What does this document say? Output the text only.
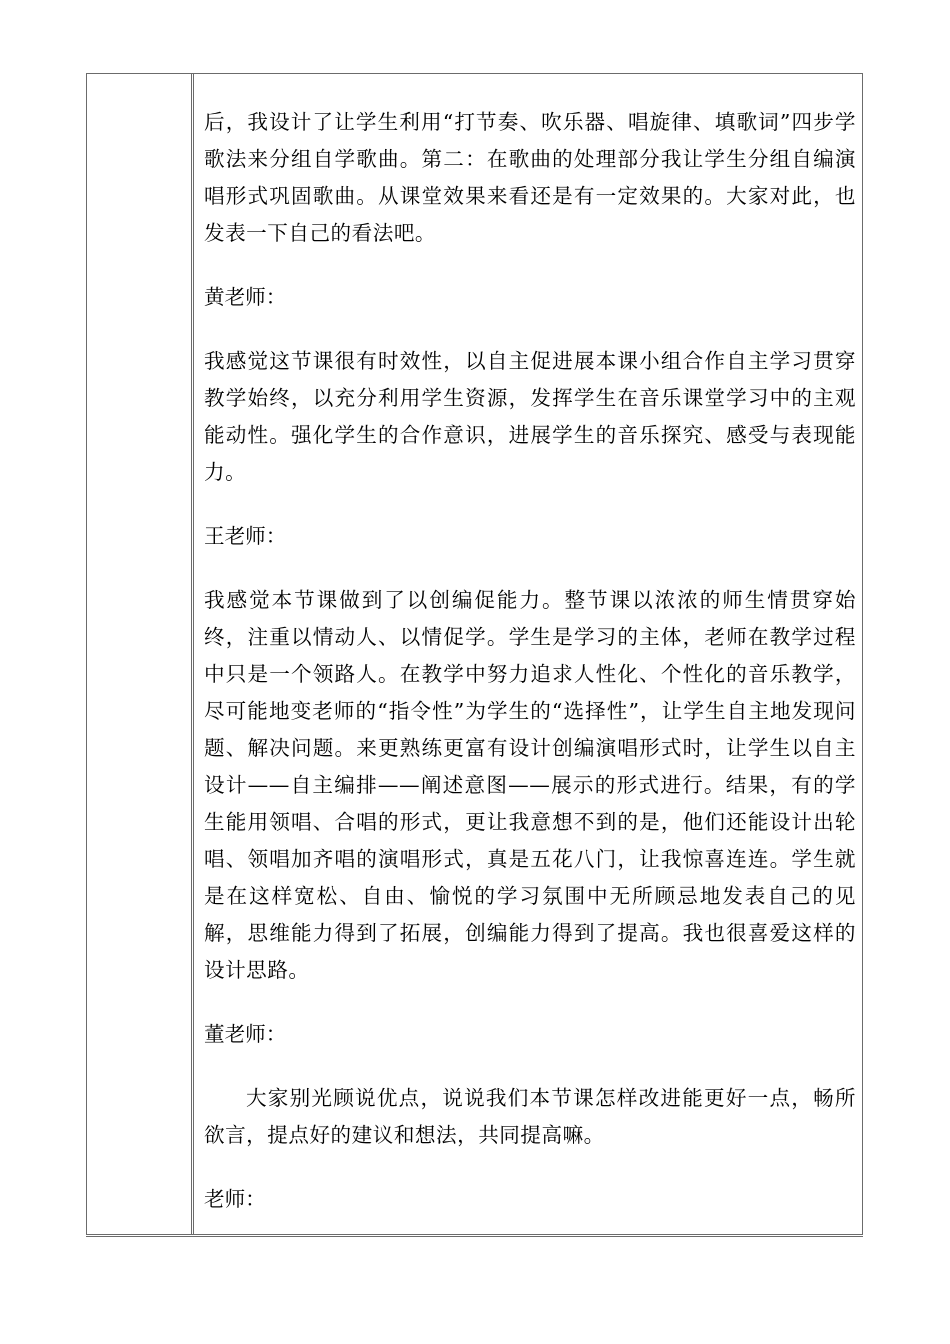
后，我设计了让学生利用“打节奏、吹乐器、唱旋律、填歌词”四步学歌法来分组自学歌曲。第二：在歌曲的处理部分我让学生分组自编演唱形式巩固歌曲。从课堂效果来看还是有一定效果的。大家对此，也发表一下自己的看法吧。

黄老师：

我感觉这节课很有时效性，以自主促进展本课小组合作自主学习贯穿教学始终，以充分利用学生资源，发挥学生在音乐课堂学习中的主观能动性。强化学生的合作意识，进展学生的音乐探究、感受与表现能力。

王老师：

我感觉本节课做到了以创编促能力。整节课以浓浓的师生情贯穿始终，注重以情动人、以情促学。学生是学习的主体，老师在教学过程中只是一个领路人。在教学中努力追求人性化、个性化的音乐教学，尽可能地变老师的“指令性”为学生的“选择性”，让学生自主地发现问题、解决问题。来更熟练更富有设计创编演唱形式时，让学生以自主设计——自主编排——阐述意图——展示的形式进行。结果，有的学生能用领唱、合唱的形式，更让我意想不到的是，他们还能设计出轮唱、领唱加齐唱的演唱形式，真是五花八门，让我惊喜连连。学生就是在这样宽松、自由、愉悦的学习氛围中无所顾忌地发表自己的见解，思维能力得到了拓展，创编能力得到了提高。我也很喜爱这样的设计思路。

董老师：

大家别光顾说优点，说说我们本节课怎样改进能更好一点，畅所欲言，提点好的建议和想法，共同提高嘛。

老师：
